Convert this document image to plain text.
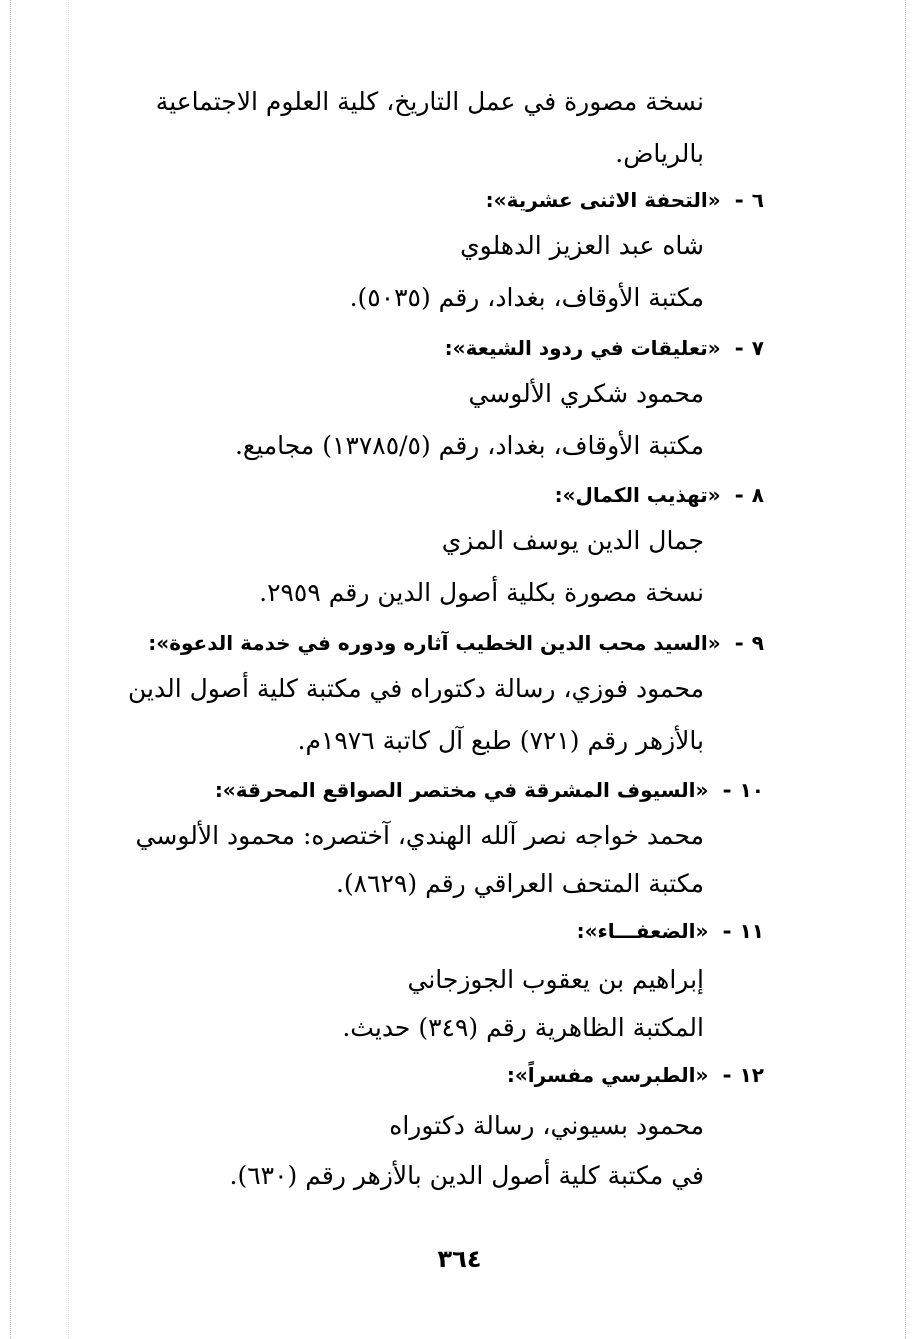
نسخة مصورة في عمل التاريخ، كلية العلوم الاجتماعية
بالرياض.
٦-«التحفة الاثنى عشرية»:
شاه عبد العزيز الدهلوي
مكتبة الأوقاف، بغداد، رقم (٥٠٣٥).
٧-«تعليقات في ردود الشيعة»:
محمود شكري الألوسي
مكتبة الأوقاف، بغداد، رقم (١٣٧٨٥/٥) مجاميع.
٨-«تهذيب الكمال»:
جمال الدين يوسف المزي
نسخة مصورة بكلية أصول الدين رقم ٢٩٥٩.
٩-«السيد محب الدين الخطيب آثاره ودوره في خدمة الدعوة»:
محمود فوزي، رسالة دكتوراه في مكتبة كلية أصول الدين
بالأزهر رقم (٧٢١) طبع آل كاتبة ١٩٧٦م.
١٠-«السيوف المشرقة في مختصر الصواقع المحرقة»:
محمد خواجه نصر آلله الهندي، آختصره: محمود الألوسي
مكتبة المتحف العراقي رقم (٨٦٢٩).
١١-«الضعفـــاء»:
إبراهيم بن يعقوب الجوزجاني
المكتبة الظاهرية رقم (٣٤٩) حديث.
١٢-«الطبرسي مفسراً»:
محمود بسيوني، رسالة دكتوراه
في مكتبة كلية أصول الدين بالأزهر رقم (٦٣٠).
٣٦٤
